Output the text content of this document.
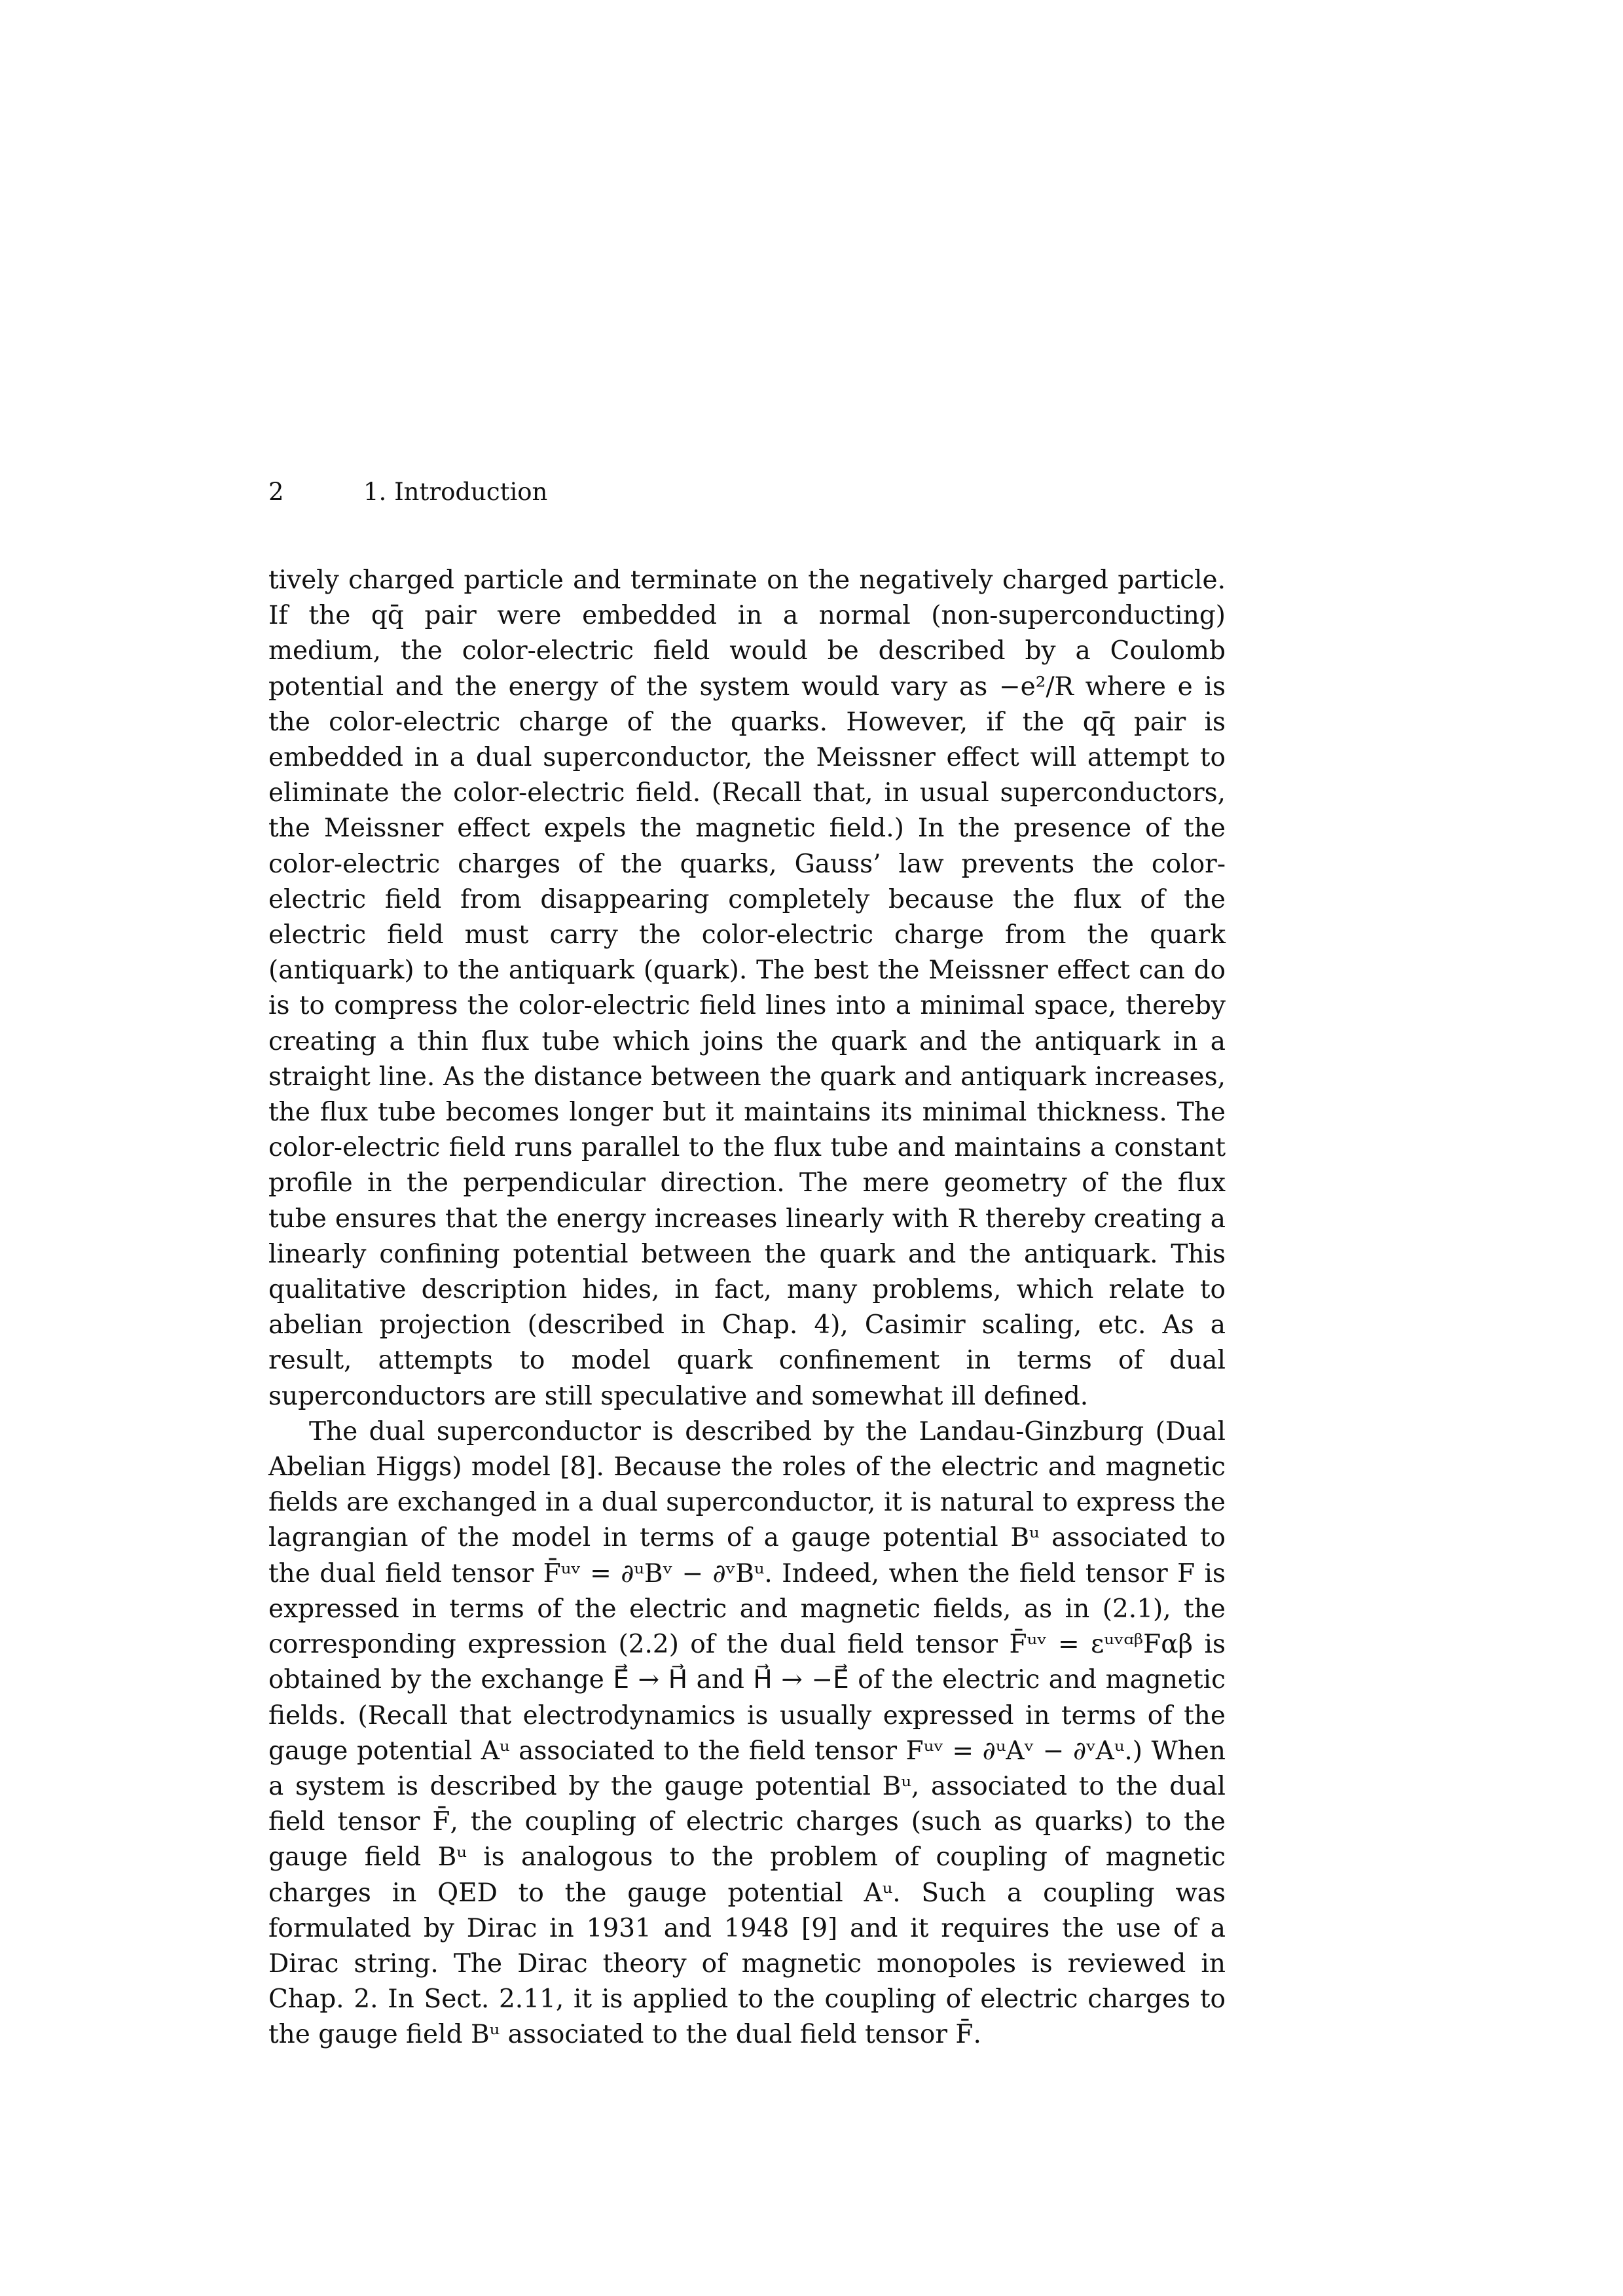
2	1. Introduction

tively charged particle and terminate on the negatively charged particle. If the qq̄ pair were embedded in a normal (non-superconducting) medium, the color-electric field would be described by a Coulomb potential and the energy of the system would vary as −e²/R where e is the color-electric charge of the quarks. However, if the qq̄ pair is embedded in a dual superconductor, the Meissner effect will attempt to eliminate the color-electric field. (Recall that, in usual superconductors, the Meissner effect expels the magnetic field.) In the presence of the color-electric charges of the quarks, Gauss’ law prevents the color-electric field from disappearing completely because the flux of the electric field must carry the color-electric charge from the quark (antiquark) to the antiquark (quark). The best the Meissner effect can do is to compress the color-electric field lines into a minimal space, thereby creating a thin flux tube which joins the quark and the antiquark in a straight line. As the distance between the quark and antiquark increases, the flux tube becomes longer but it maintains its minimal thickness. The color-electric field runs parallel to the flux tube and maintains a constant profile in the perpendicular direction. The mere geometry of the flux tube ensures that the energy increases linearly with R thereby creating a linearly confining potential between the quark and the antiquark. This qualitative description hides, in fact, many problems, which relate to abelian projection (described in Chap. 4), Casimir scaling, etc. As a result, attempts to model quark confinement in terms of dual superconductors are still speculative and somewhat ill defined.

The dual superconductor is described by the Landau-Ginzburg (Dual Abelian Higgs) model [8]. Because the roles of the electric and magnetic fields are exchanged in a dual superconductor, it is natural to express the lagrangian of the model in terms of a gauge potential Bᵘ associated to the dual field tensor F̄ᵘᵛ = ∂ᵘBᵛ − ∂ᵛBᵘ. Indeed, when the field tensor F is expressed in terms of the electric and magnetic fields, as in (2.1), the corresponding expression (2.2) of the dual field tensor F̄ᵘᵛ = εᵘᵛᵅᵝFαβ is obtained by the exchange E⃗ → H⃗ and H⃗ → −E⃗ of the electric and magnetic fields. (Recall that electrodynamics is usually expressed in terms of the gauge potential Aᵘ associated to the field tensor Fᵘᵛ = ∂ᵘAᵛ − ∂ᵛAᵘ.) When a system is described by the gauge potential Bᵘ, associated to the dual field tensor F̄, the coupling of electric charges (such as quarks) to the gauge field Bᵘ is analogous to the problem of coupling of magnetic charges in QED to the gauge potential Aᵘ. Such a coupling was formulated by Dirac in 1931 and 1948 [9] and it requires the use of a Dirac string. The Dirac theory of magnetic monopoles is reviewed in Chap. 2. In Sect. 2.11, it is applied to the coupling of electric charges to the gauge field Bᵘ associated to the dual field tensor F̄.
